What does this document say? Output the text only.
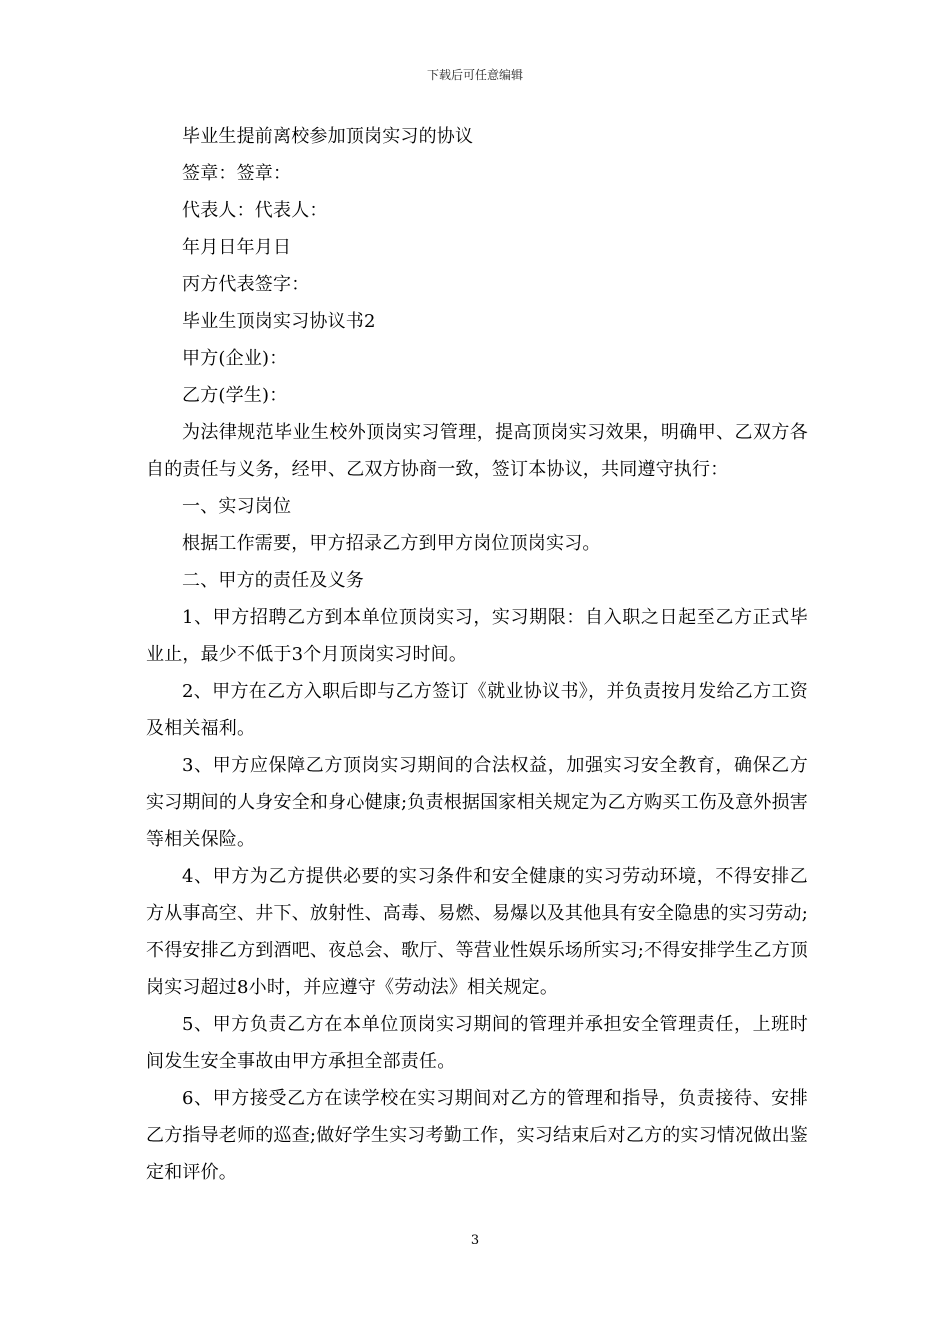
下载后可任意编辑

毕业生提前离校参加顶岗实习的协议

签章：签章：

代表人：代表人：

年月日年月日

丙方代表签字：

毕业生顶岗实习协议书2

甲方(企业)：

乙方(学生)：

为法律规范毕业生校外顶岗实习管理，提高顶岗实习效果，明确甲、乙双方各自的责任与义务，经甲、乙双方协商一致，签订本协议，共同遵守执行：

一、实习岗位

根据工作需要，甲方招录乙方到甲方岗位顶岗实习。

二、甲方的责任及义务

1、甲方招聘乙方到本单位顶岗实习，实习期限：自入职之日起至乙方正式毕业止，最少不低于3个月顶岗实习时间。

2、甲方在乙方入职后即与乙方签订《就业协议书》，并负责按月发给乙方工资及相关福利。

3、甲方应保障乙方顶岗实习期间的合法权益，加强实习安全教育，确保乙方实习期间的人身安全和身心健康;负责根据国家相关规定为乙方购买工伤及意外损害等相关保险。

4、甲方为乙方提供必要的实习条件和安全健康的实习劳动环境，不得安排乙方从事高空、井下、放射性、高毒、易燃、易爆以及其他具有安全隐患的实习劳动;不得安排乙方到酒吧、夜总会、歌厅、等营业性娱乐场所实习;不得安排学生乙方顶岗实习超过8小时，并应遵守《劳动法》相关规定。

5、甲方负责乙方在本单位顶岗实习期间的管理并承担安全管理责任，上班时间发生安全事故由甲方承担全部责任。

6、甲方接受乙方在读学校在实习期间对乙方的管理和指导，负责接待、安排乙方指导老师的巡查;做好学生实习考勤工作，实习结束后对乙方的实习情况做出鉴定和评价。

3
